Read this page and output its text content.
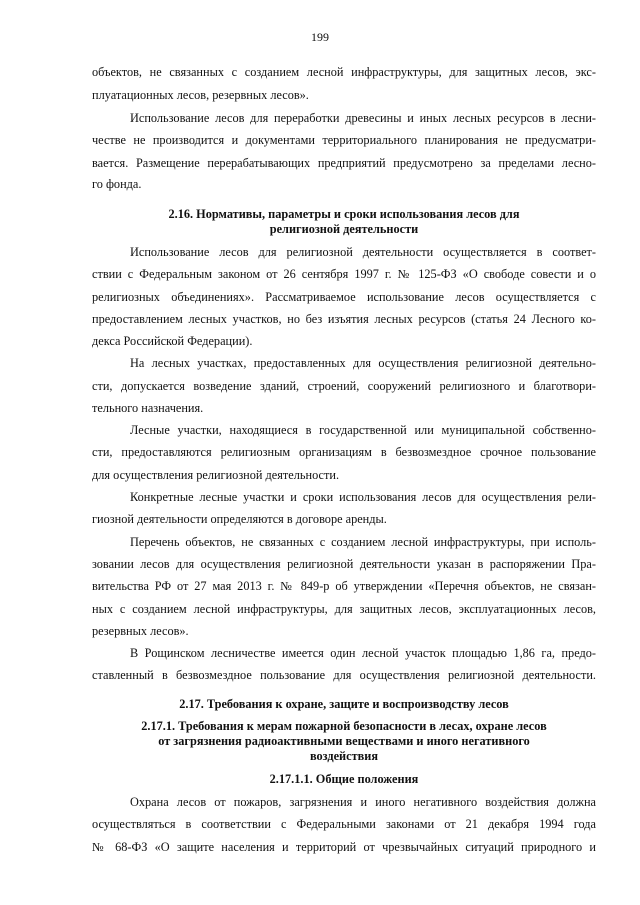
199
объектов, не связанных с созданием лесной инфраструктуры, для защитных лесов, экс-
плуатационных лесов, резервных лесов».
Использование лесов для переработки древесины и иных лесных ресурсов в лесни-
честве не производится и документами территориального планирования не предусматри-
вается. Размещение перерабатывающих предприятий предусмотрено за пределами лесно-
го фонда.
2.16. Нормативы, параметры и сроки использования лесов для
религиозной деятельности
Использование лесов для религиозной деятельности осуществляется в соответ-
ствии с Федеральным законом от 26 сентября 1997 г. № 125-ФЗ «О свободе совести и о
религиозных объединениях». Рассматриваемое использование лесов осуществляется с
предоставлением лесных участков, но без изъятия лесных ресурсов (статья 24 Лесного ко-
декса Российской Федерации).
На лесных участках, предоставленных для осуществления религиозной деятельно-
сти, допускается возведение зданий, строений, сооружений религиозного и благотвори-
тельного назначения.
Лесные участки, находящиеся в государственной или муниципальной собственно-
сти, предоставляются религиозным организациям в безвозмездное срочное пользование
для осуществления религиозной деятельности.
Конкретные лесные участки и сроки использования лесов для осуществления рели-
гиозной деятельности определяются в договоре аренды.
Перечень объектов, не связанных с созданием лесной инфраструктуры, при исполь-
зовании лесов для осуществления религиозной деятельности указан в распоряжении Пра-
вительства РФ от 27 мая 2013 г. № 849-р об утверждении «Перечня объектов, не связан-
ных с созданием лесной инфраструктуры, для защитных лесов, эксплуатационных лесов,
резервных лесов».
В Рощинском лесничестве имеется один лесной участок площадью 1,86 га, предо-
ставленный в безвозмездное пользование для осуществления религиозной деятельности.
2.17. Требования к охране, защите и воспроизводству лесов
2.17.1. Требования к мерам пожарной безопасности в лесах, охране лесов
от загрязнения радиоактивными веществами и иного негативного
воздействия
2.17.1.1. Общие положения
Охрана лесов от пожаров, загрязнения и иного негативного воздействия должна
осуществляться в соответствии с Федеральными законами от 21 декабря 1994 года
№ 68-ФЗ «О защите населения и территорий от чрезвычайных ситуаций природного и
